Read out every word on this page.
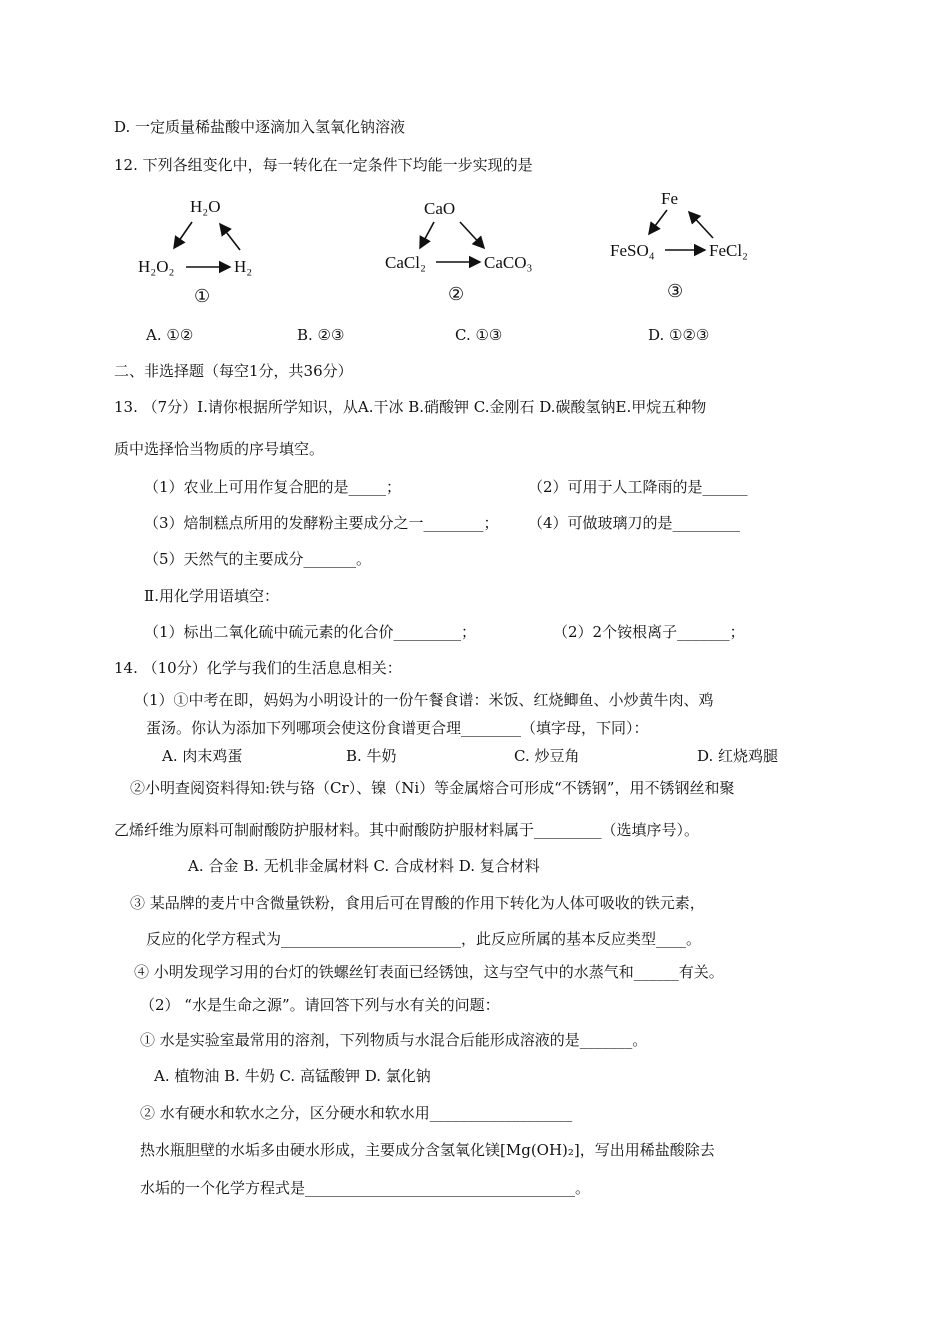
D. 一定质量稀盐酸中逐滴加入氢氧化钠溶液
12. 下列各组变化中，每一转化在一定条件下均能一步实现的是
H₂O
H₂O₂	H₂
①
CaO
CaCl₂	CaCO₃
②
Fe
FeSO₄	FeCl₂
③
A. ①②	B. ②③	C. ①③	D. ①②③
二、非选择题（每空1分，共36分）
13. （7分）Ⅰ.请你根据所学知识，从A.干冰 B.硝酸钾 C.金刚石 D.碳酸氢钠E.甲烷五种物
质中选择恰当物质的序号填空。
（1）农业上可用作复合肥的是_____；	（2）可用于人工降雨的是______
（3）焙制糕点所用的发酵粉主要成分之一________； （4）可做玻璃刀的是_________
（5）天然气的主要成分_______。
Ⅱ.用化学用语填空：
（1）标出二氧化硫中硫元素的化合价_________；	（2）2个铵根离子_______；
14. （10分）化学与我们的生活息息相关：
（1）①中考在即，妈妈为小明设计的一份午餐食谱：米饭、红烧鲫鱼、小炒黄牛肉、鸡
蛋汤。你认为添加下列哪项会使这份食谱更合理________（填字母，下同）：
A. 肉末鸡蛋	B. 牛奶	C. 炒豆角	D. 红烧鸡腿
②小明查阅资料得知:铁与铬（Cr）、镍（Ni）等金属熔合可形成“不锈钢”，用不锈钢丝和聚
乙烯纤维为原料可制耐酸防护服材料。其中耐酸防护服材料属于_________（选填序号）。
A. 合金 B. 无机非金属材料 C. 合成材料 D. 复合材料
③ 某品牌的麦片中含微量铁粉，食用后可在胃酸的作用下转化为人体可吸收的铁元素，
反应的化学方程式为________________________，此反应所属的基本反应类型____。
④ 小明发现学习用的台灯的铁螺丝钉表面已经锈蚀，这与空气中的水蒸气和______有关。
（2） “水是生命之源”。请回答下列与水有关的问题：
① 水是实验室最常用的溶剂，下列物质与水混合后能形成溶液的是_______。
A. 植物油 B. 牛奶 C. 高锰酸钾 D. 氯化钠
② 水有硬水和软水之分，区分硬水和软水用___________________
热水瓶胆壁的水垢多由硬水形成，主要成分含氢氧化镁[Mg(OH)₂]，写出用稀盐酸除去
水垢的一个化学方程式是____________________________________。
